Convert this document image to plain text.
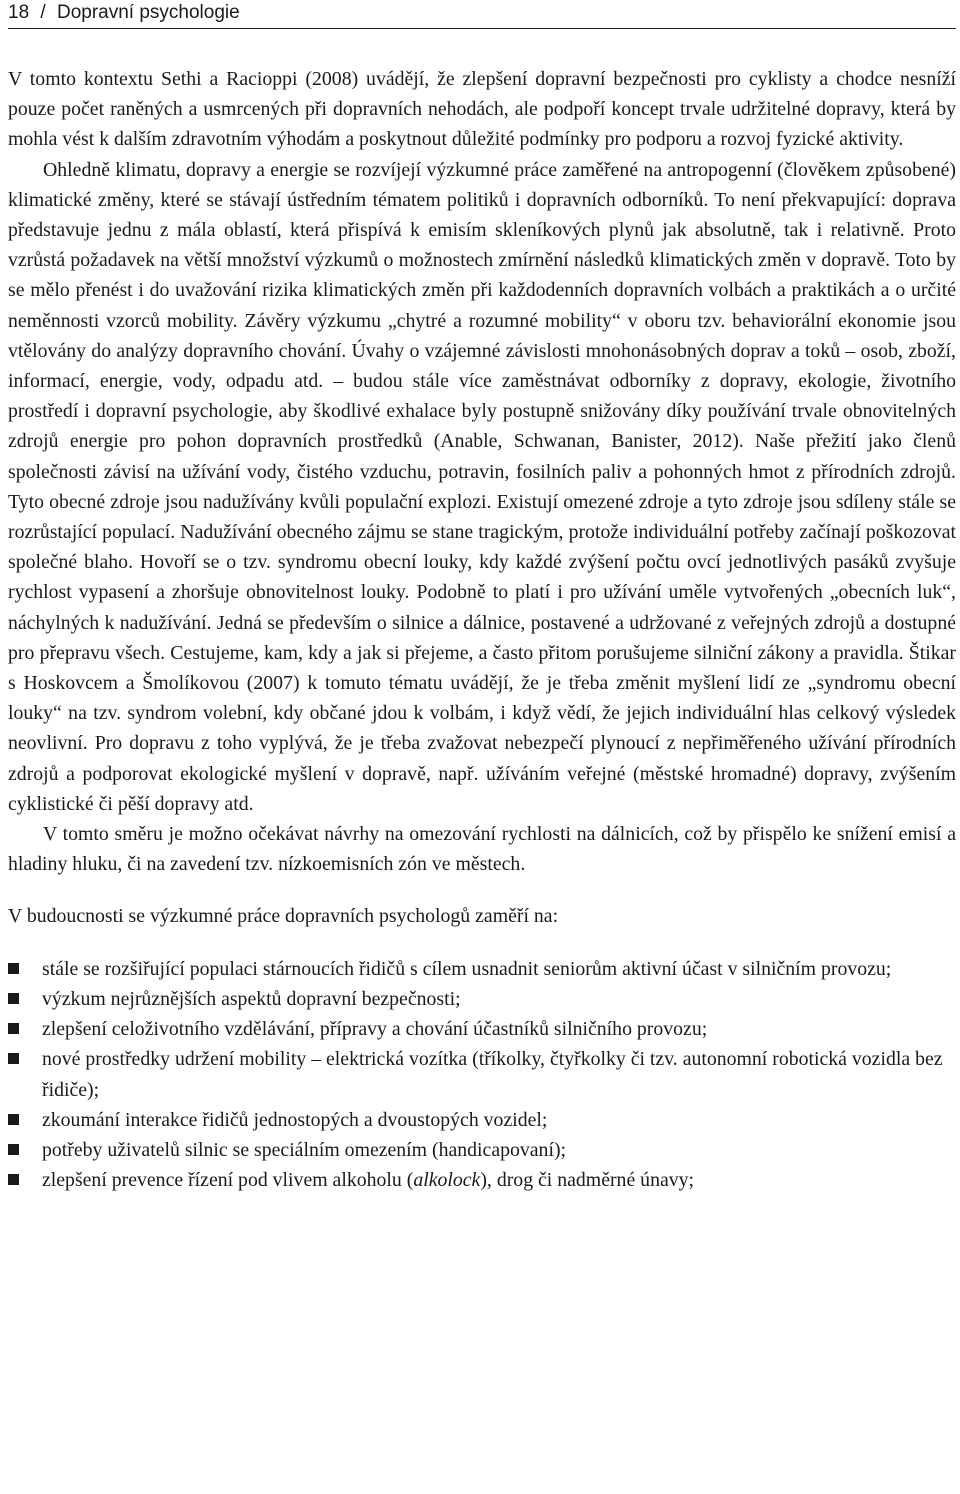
18 / Dopravní psychologie

V tomto kontextu Sethi a Racioppi (2008) uvádějí, že zlepšení dopravní bezpečnosti pro cyklisty a chodce nesníží pouze počet raněných a usmrcených při dopravních nehodách, ale podpoří koncept trvale udržitelné dopravy, která by mohla vést k dalším zdravotním výhodám a poskytnout důležité podmínky pro podporu a rozvoj fyzické aktivity.

Ohledně klimatu, dopravy a energie se rozvíjejí výzkumné práce zaměřené na antropogenní (člověkem způsobené) klimatické změny, které se stávají ústředním tématem politiků i dopravních odborníků. To není překvapující: doprava představuje jednu z mála oblastí, která přispívá k emisím skleníkových plynů jak absolutně, tak i relativně. Proto vzrůstá požadavek na větší množství výzkumů o možnostech zmírnění následků klimatických změn v dopravě. Toto by se mělo přenést i do uvažování rizika klimatických změn při každodenních dopravních volbách a praktikách a o určité neměnnosti vzorců mobility. Závěry výzkumu „chytré a rozumné mobility“ v oboru tzv. behaviorální ekonomie jsou vtělovány do analýzy dopravního chování. Úvahy o vzájemné závislosti mnohonásobných doprav a toků – osob, zboží, informací, energie, vody, odpadu atd. – budou stále více zaměstnávat odborníky z dopravy, ekologie, životního prostředí i dopravní psychologie, aby škodlivé exhalace byly postupně snižovány díky používání trvale obnovitelných zdrojů energie pro pohon dopravních prostředků (Anable, Schwanan, Banister, 2012). Naše přežití jako členů společnosti závisí na užívání vody, čistého vzduchu, potravin, fosilních paliv a pohonných hmot z přírodních zdrojů. Tyto obecné zdroje jsou nadužívány kvůli populační explozi. Existují omezené zdroje a tyto zdroje jsou sdíleny stále se rozrůstající populací. Nadužívání obecného zájmu se stane tragickým, protože individuální potřeby začínají poškozovat společné blaho. Hovoří se o tzv. syndromu obecní louky, kdy každé zvýšení počtu ovcí jednotlivých pasáků zvyšuje rychlost vypasení a zhoršuje obnovitelnost louky. Podobně to platí i pro užívání uměle vytvořených „obecních luk“, náchylných k nadužívání. Jedná se především o silnice a dálnice, postavené a udržované z veřejných zdrojů a dostupné pro přepravu všech. Cestujeme, kam, kdy a jak si přejeme, a často přitom porušujeme silniční zákony a pravidla. Štikar s Hoskovcem a Šmolíkovou (2007) k tomuto tématu uvádějí, že je třeba změnit myšlení lidí ze „syndromu obecní louky“ na tzv. syndrom volební, kdy občané jdou k volbám, i když vědí, že jejich individuální hlas celkový výsledek neovlivní. Pro dopravu z toho vyplývá, že je třeba zvažovat nebezpečí plynoucí z nepřiměřeného užívání přírodních zdrojů a podporovat ekologické myšlení v dopravě, např. užíváním veřejné (městské hromadné) dopravy, zvýšením cyklistické či pěší dopravy atd.

V tomto směru je možno očekávat návrhy na omezování rychlosti na dálnicích, což by přispělo ke snížení emisí a hladiny hluku, či na zavedení tzv. nízkoemisních zón ve městech.

V budoucnosti se výzkumné práce dopravních psychologů zaměří na:

stále se rozšiřující populaci stárnoucích řidičů s cílem usnadnit seniorům aktivní účast v silničním provozu;
výzkum nejrůznějších aspektů dopravní bezpečnosti;
zlepšení celoživotního vzdělávání, přípravy a chování účastníků silničního provozu;
nové prostředky udržení mobility – elektrická vozítka (tříkolky, čtyřkolky či tzv. autonomní robotická vozidla bez řidiče);
zkoumání interakce řidičů jednostopých a dvoustopých vozidel;
potřeby uživatelů silnic se speciálním omezením (handicapovaní);
zlepšení prevence řízení pod vlivem alkoholu (alkolock), drog či nadměrné únavy;
